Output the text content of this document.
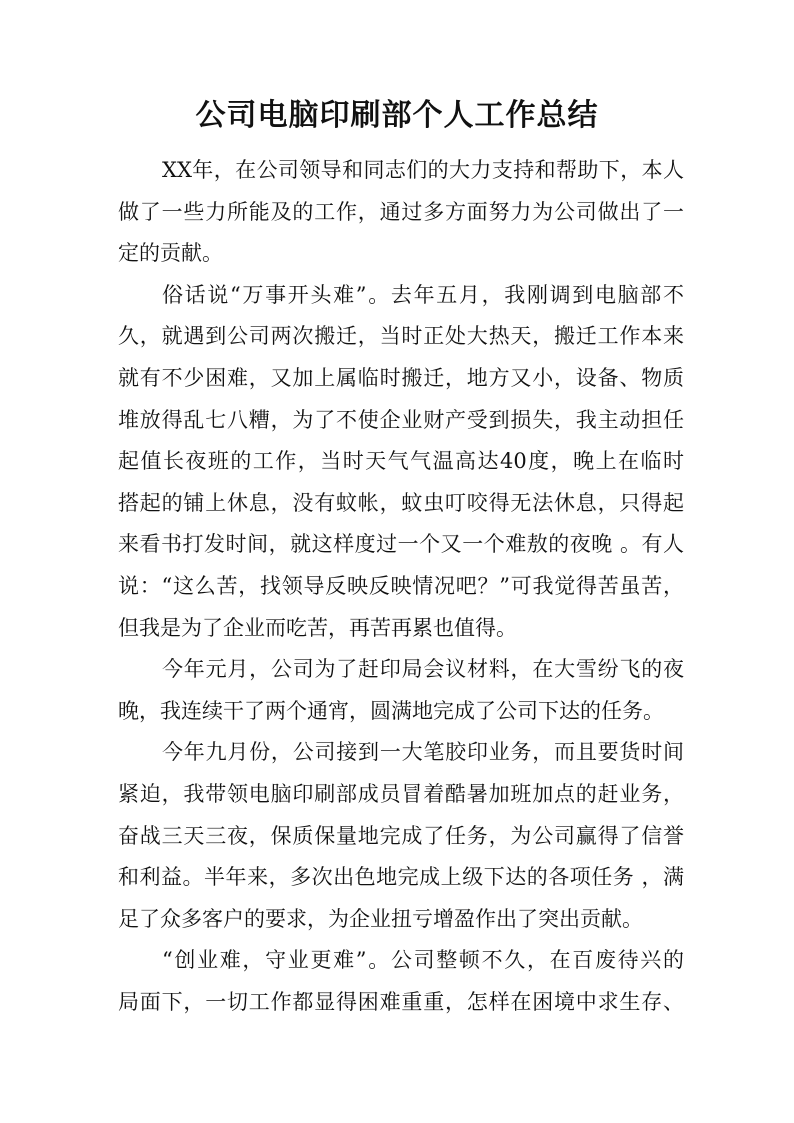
公司电脑印刷部个人工作总结
XX年，在公司领导和同志们的大力支持和帮助下，本人
做了一些力所能及的工作，通过多方面努力为公司做出了一
定的贡献。
俗话说“万事开头难”。去年五月，我刚调到电脑部不
久，就遇到公司两次搬迁，当时正处大热天，搬迁工作本来
就有不少困难，又加上属临时搬迁，地方又小，设备、物质
堆放得乱七八糟，为了不使企业财产受到损失，我主动担任
起值长夜班的工作，当时天气气温高达40度，晚上在临时
搭起的铺上休息，没有蚊帐，蚊虫叮咬得无法休息，只得起
来看书打发时间，就这样度过一个又一个难敖的夜晚 。有人
说：“这么苦，找领导反映反映情况吧？”可我觉得苦虽苦，
但我是为了企业而吃苦，再苦再累也值得。
今年元月，公司为了赶印局会议材料，在大雪纷飞的夜
晚，我连续干了两个通宵，圆满地完成了公司下达的任务。
今年九月份，公司接到一大笔胶印业务，而且要货时间
紧迫，我带领电脑印刷部成员冒着酷暑加班加点的赶业务，
奋战三天三夜，保质保量地完成了任务，为公司赢得了信誉
和利益。半年来，多次出色地完成上级下达的各项任务 ，满
足了众多客户的要求，为企业扭亏增盈作出了突出贡献。
“创业难，守业更难”。公司整顿不久，在百废待兴的
局面下，一切工作都显得困难重重，怎样在困境中求生存、
